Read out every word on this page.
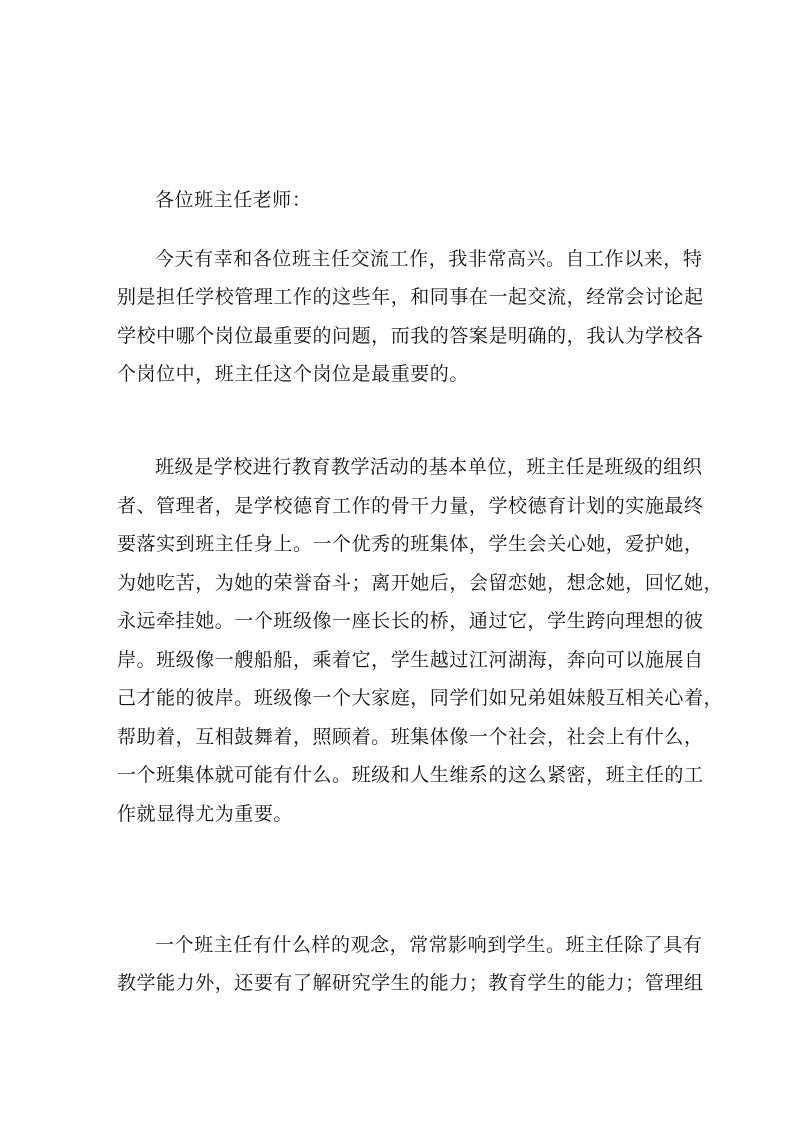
各位班主任老师：
今天有幸和各位班主任交流工作，我非常高兴。自工作以来，特
别是担任学校管理工作的这些年，和同事在一起交流，经常会讨论起
学校中哪个岗位最重要的问题，而我的答案是明确的，我认为学校各
个岗位中，班主任这个岗位是最重要的。
班级是学校进行教育教学活动的基本单位，班主任是班级的组织
者、管理者，是学校德育工作的骨干力量，学校德育计划的实施最终
要落实到班主任身上。一个优秀的班集体，学生会关心她，爱护她，
为她吃苦，为她的荣誉奋斗；离开她后，会留恋她，想念她，回忆她，
永远牵挂她。一个班级像一座长长的桥，通过它，学生跨向理想的彼
岸。班级像一艘船船，乘着它，学生越过江河湖海，奔向可以施展自
己才能的彼岸。班级像一个大家庭，同学们如兄弟姐妹般互相关心着，
帮助着，互相鼓舞着，照顾着。班集体像一个社会，社会上有什么，
一个班集体就可能有什么。班级和人生维系的这么紧密，班主任的工
作就显得尤为重要。
一个班主任有什么样的观念，常常影响到学生。班主任除了具有
教学能力外，还要有了解研究学生的能力；教育学生的能力；管理组
